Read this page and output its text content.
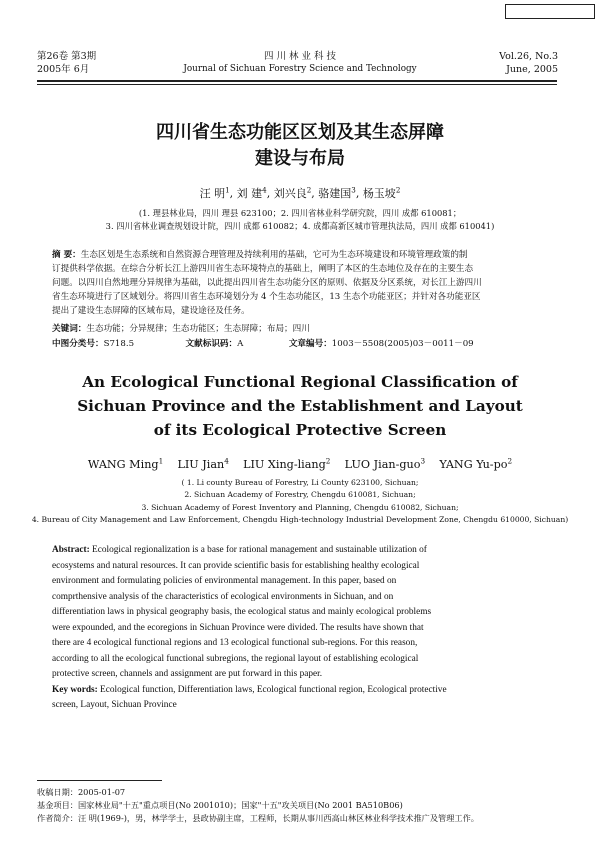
第26卷 第3期
2005年 6月
四 川 林 业 科 技
Journal of Sichuan Forestry Science and Technology
Vol.26, No.3
June, 2005
四川省生态功能区区划及其生态屏障
建设与布局
汪 明$^1$, 刘 建$^4$, 刘兴良$^2$, 骆建国$^3$, 杨玉坡$^2$
(1. 理县林业局，四川 理县 623100；2. 四川省林业科学研究院，四川 成都 610081；
3. 四川省林业调查规划设计院，四川 成都 610082；4. 成都高新区城市管理执法局，四川 成都 610041)
摘 要：生态区划是生态系统和自然资源合理管理及持续利用的基础，它可为生态环境建设和环境管理政策的制
订提供科学依据。在综合分析长江上游四川省生态环境特点的基础上，阐明了本区的生态地位及存在的主要生态
问题。以四川自然地理分异规律为基础，以此提出四川省生态功能分区的原则、依据及分区系统，对长江上游四川
省生态环境进行了区域划分。将四川省生态环境划分为 4 个生态功能区，13 生态个功能亚区；并针对各功能亚区
提出了建设生态屏障的区域布局，建设途径及任务。
关键词：生态功能；分异规律；生态功能区；生态屏障；布局；四川
中图分类号：S718.5	文献标识码：A	文章编号：1003－5508(2005)03－0011－09
An Ecological Functional Regional Classification of
Sichuan Province and the Establishment and Layout
of its Ecological Protective Screen
WANG Ming$^1$ LIU Jian$^4$ LIU Xing-liang$^2$ LUO Jian-guo$^3$ YANG $Yu-po^2$
( 1. Li county Bureau of Forestry, Li County 623100, Sichuan;
2. Sichuan Academy of Forestry, Chengdu 610081, Sichuan;
3. Sichuan Academy of Forest Inventory and Planning, Chengdu 610082, Sichuan;
4. Bureau of City Management and Law Enforcement, Chengdu High-technology Industrial Development Zone, Chengdu 610000, Sichuan)
Abstract: Ecological regionalization is a base for rational management and sustainable utilization of
ecosystems and natural resources. It can provide scientific basis for establishing healthy ecological
environment and formulating policies of environmental management. In this paper, based on
comprthensive analysis of the characteristics of ecological environments in Sichuan, and on
differentiation laws in physical geography basis, the ecological status and mainly ecological problems
were expounded, and the ecoregions in Sichuan Province were divided. The results have shown that
there are 4 ecological functional regions and 13 ecological functional sub-regions. For this reason,
according to all the ecological functional subregions, the regional layout of establishing ecological
protective screen, channels and assignment are put forward in this paper.
Key words: Ecological function, Differentiation laws, Ecological functional region, Ecological protective
screen, Layout, Sichuan Province
收稿日期：2005-01-07
基金项目：国家林业局"十五"重点项目(No 2001010)；国家"十五"攻关项目(No 2001 BA510B06)
作者简介：汪 明(1969-)，男，林学学士，县政协副主席，工程师，长期从事川西高山林区林业科学技术推广及管理工作。
